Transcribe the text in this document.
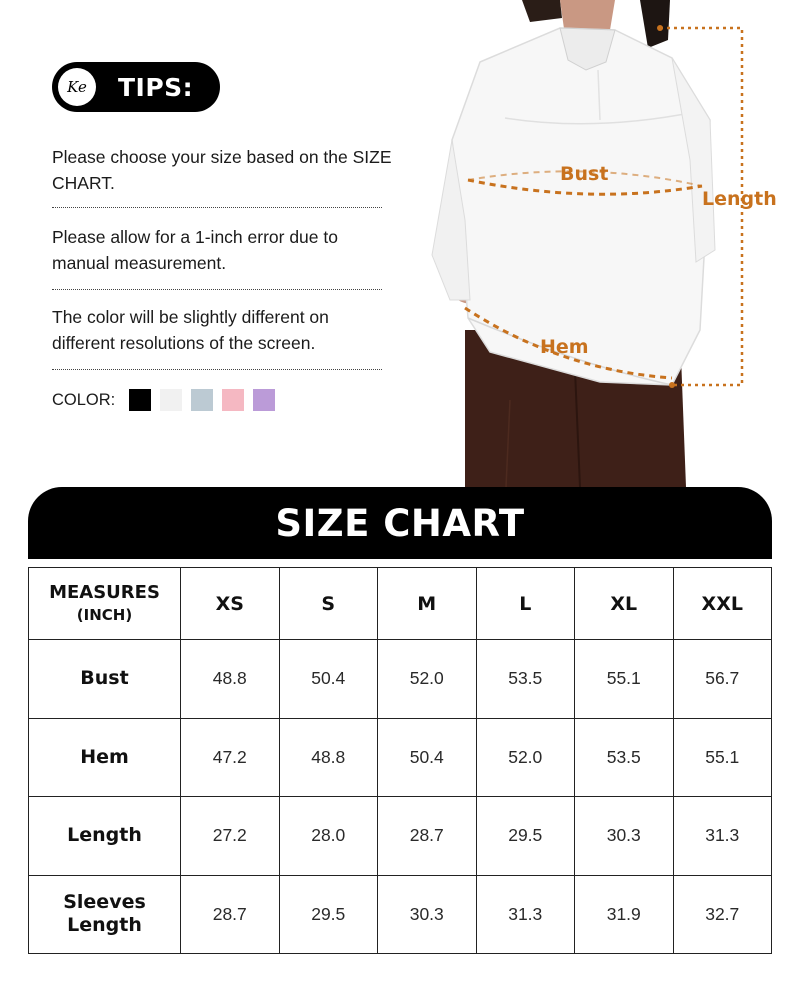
Ke TIPS:

Please choose your size based on the SIZE CHART.

Please allow for a 1-inch error due to manual measurement.

The color will be slightly different on different resolutions of the screen.

COLOR:
Bust
Length
Hem
SIZE CHART
MEASURES
(INCH)	XS	S	M	L	XL	XXL
Bust	48.8	50.4	52.0	53.5	55.1	56.7
Hem	47.2	48.8	50.4	52.0	53.5	55.1
Length	27.2	28.0	28.7	29.5	30.3	31.3
Sleeves
Length	28.7	29.5	30.3	31.3	31.9	32.7
